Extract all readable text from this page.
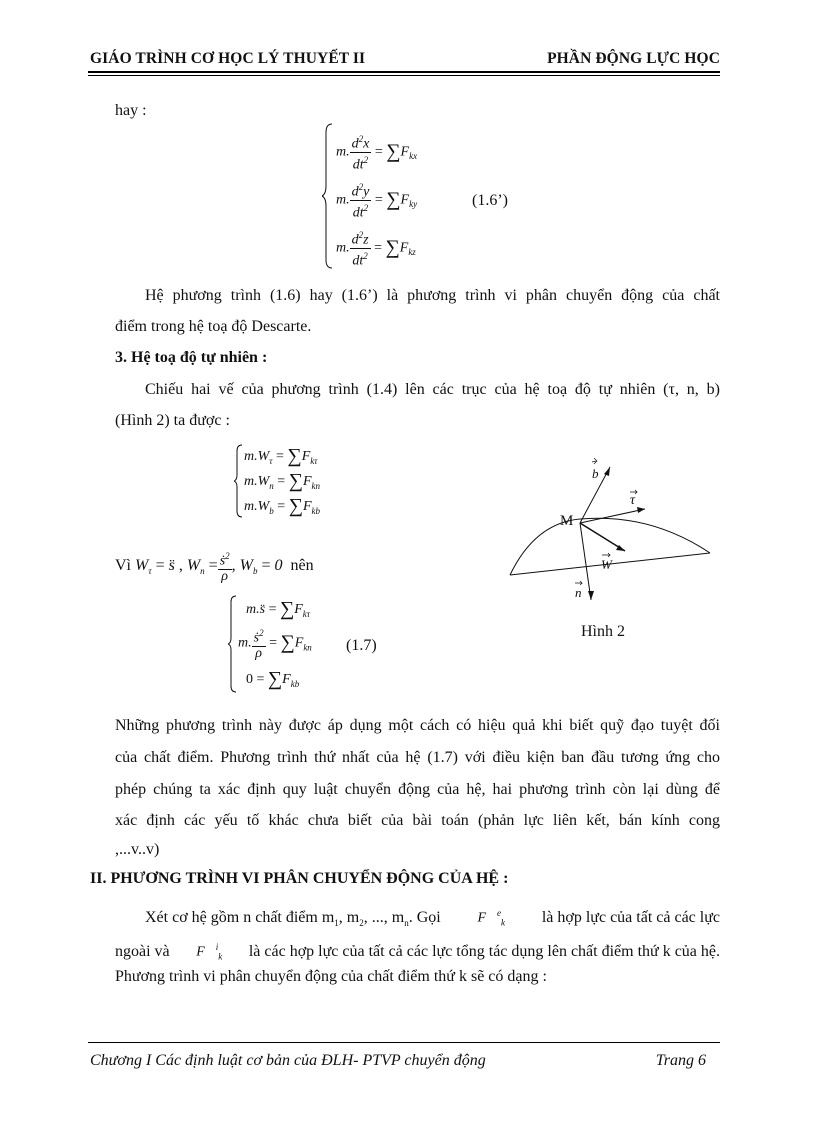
GIÁO TRÌNH CƠ HỌC LÝ THUYẾT II	PHẦN ĐỘNG LỰC HỌC
hay :
m. $\frac{d^2x}{dt^2} = \sum F_{kx}$
m. $\frac{d^2y}{dt^2} = \sum F_{ky}$
m. $\frac{d^2z}{dt^2} = \sum F_{kz}$
(1.6’)
Hệ phương trình (1.6) hay (1.6’) là phương trình vi phân chuyển động của chất
điểm trong hệ toạ độ Descarte.
3. Hệ toạ độ tự nhiên :
Chiếu hai vế của phương trình (1.4) lên các trục của hệ toạ độ tự nhiên (τ, n, b)
(Hình 2) ta được :
$m.W_\tau = \sum F_{k\tau}$
$m.W_n = \sum F_{kn}$
$m.W_b = \sum F_{kb}$
Vì $W_\tau$ = s̈ , $W_n = \frac{ṡ^2}{\rho}$ , $W_b = 0$ nên
m.s̈ = $\sum F_{k\tau}$
m. $\frac{ṡ^2}{\rho} = \sum F_{kn}$
$0 = \sum F_{kb}$
(1.7)
M
b
τ
W
n
Hình 2
Những phương trình này được áp dụng một cách có hiệu quả khi biết quỹ đạo tuyệt đối
của chất điểm. Phương trình thứ nhất của hệ (1.7) với điều kiện ban đầu tương ứng cho
phép chúng ta xác định quy luật chuyển động của hệ, hai phương trình còn lại dùng để
xác định các yếu tố khác chưa biết của bài toán (phản lực liên kết, bán kính cong
,...v..v)
II. PHƯƠNG TRÌNH VI PHÂN CHUYỂN ĐỘNG CỦA HỆ :
Xét cơ hệ gồm n chất điểm $m_1$, $m_2$, ..., $m_n$. Gọi	F⃗$^e_k$ là hợp lực của tất cả các lực
ngoài và F⃗$^i_k$ là các hợp lực của tất cả các lực tổng tác dụng lên chất điểm thứ k của hệ.
Phương trình vi phân chuyển động của chất điểm thứ k sẽ có dạng :
Chương I Các định luật cơ bản của ĐLH- PTVP chuyển động	Trang 6
